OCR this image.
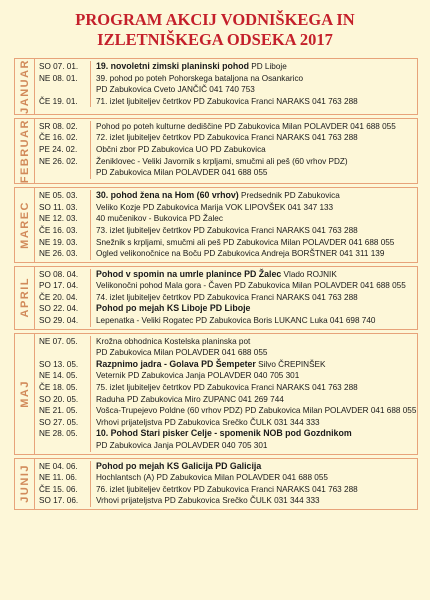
PROGRAM AKCIJ VODNIŠKEGA IN
IZLETNIŠKEGA ODSEKA 2017
JANUAR	SO 07. 01.	19. novoletni zimski planinski pohod PD Liboje
NE 08. 01.	39. pohod po poteh Pohorskega bataljona na Osankarico
PD Zabukovica Cveto JANČIČ 041 740 753
ČE 19. 01.	71. izlet ljubiteljev četrtkov PD Zabukovica Franci NARAKS 041 763 288
FEBRUAR	SR 08. 02.	Pohod po poteh kulturne dediščine PD Zabukovica Milan POLAVDER 041 688 055
ČE 16. 02.	72. izlet ljubiteljev četrtkov PD Zabukovica Franci NARAKS 041 763 288
PE 24. 02.	Občni zbor PD Zabukovica UO PD Zabukovica
NE 26. 02.	Ženiklovec - Veliki Javornik s krpljami, smučmi ali peš (60 vrhov PDZ)
PD Zabukovica Milan POLAVDER 041 688 055
MAREC
NE 05. 03.	30. pohod žena na Hom (60 vrhov) Predsednik PD Zabukovica
SO 11. 03.	Veliko Kozje PD Zabukovica Marija VOK LIPOVŠEK 041 347 133
NE 12. 03.	40 mučenikov - Bukovica PD Žalec
ČE 16. 03.	73. izlet ljubiteljev četrtkov PD Zabukovica Franci NARAKS 041 763 288
NE 19. 03.	Snežnik s krpljami, smučmi ali peš PD Zabukovica Milan POLAVDER 041 688 055
NE 26. 03.	Ogled velikonočnice na Boču PD Zabukovica Andreja BORŠTNER 041 311 139
APRIL
SO 08. 04.	Pohod v spomin na umrle planince PD Žalec Vlado ROJNIK
PO 17. 04.	Velikonočni pohod Mala gora - Čaven PD Zabukovica Milan POLAVDER 041 688 055
ČE 20. 04.	74. izlet ljubiteljev četrtkov PD Zabukovica Franci NARAKS 041 763 288
SO 22. 04.	Pohod po mejah KS Liboje PD Liboje
SO 29. 04.	Lepenatka - Veliki Rogatec PD Zabukovica Boris LUKANC Luka 041 698 740
MAJ
NE 07. 05.	Krožna obhodnica Kostelska planinska pot
PD Zabukovica Milan POLAVDER 041 688 055
SO 13. 05.	Razpnimo jadra - Golava PD Šempeter Silvo ČREPINŠEK
NE 14. 05.	Veternik PD Zabukovica Janja POLAVDER 040 705 301
ČE 18. 05.	75. izlet ljubiteljev četrtkov PD Zabukovica Franci NARAKS 041 763 288
SO 20. 05.	Raduha PD Zabukovica Miro ZUPANC 041 269 744
NE 21. 05.	Vošca-Trupejevo Poldne (60 vrhov PDZ) PD Zabukovica Milan POLAVDER 041 688 055
SO 27. 05.	Vrhovi prijateljstva PD Zabukovica Srečko ČULK 031 344 333
NE 28. 05.	10. Pohod Stari pisker Celje - spomenik NOB pod Gozdnikom
PD Zabukovica Janja POLAVDER 040 705 301
JUNIJ	NE 04. 06.	Pohod po mejah KS Galicija PD Galicija
NE 11. 06.	Hochlantsch (A) PD Zabukovica Milan POLAVDER 041 688 055
ČE 15. 06.	76. izlet ljubiteljev četrtkov PD Zabukovica Franci NARAKS 041 763 288
SO 17. 06.	Vrhovi prijateljstva PD Zabukovica Srečko ČULK 031 344 333
